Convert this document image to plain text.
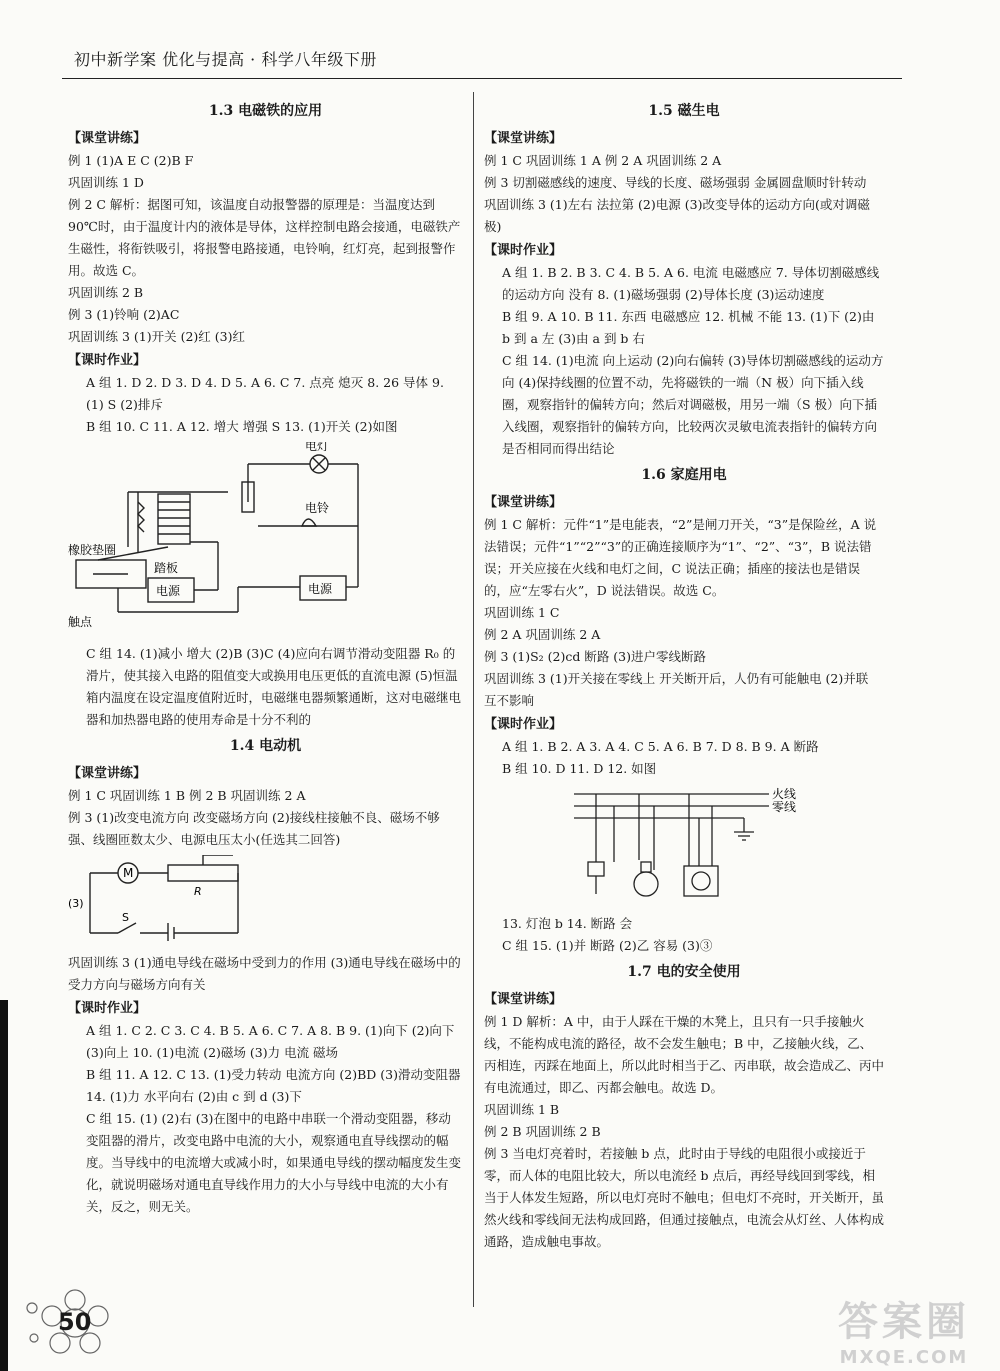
初中新学案 优化与提高 · 科学八年级下册
1.3 电磁铁的应用
【课堂讲练】

例 1 (1)A E C (2)B F

巩固训练 1 D

例 2 C 解析：据图可知，该温度自动报警器的原理是：当温度达到 90℃时，由于温度计内的液体是导体，这样控制电路会接通，电磁铁产生磁性，将衔铁吸引，将报警电路接通，电铃响，红灯亮，起到报警作用。故选 C。

巩固训练 2 B

例 3 (1)铃响 (2)AC

巩固训练 3 (1)开关 (2)红 (3)红

【课时作业】

A 组 1. D 2. D 3. D 4. D 5. A 6. C 7. 点亮 熄灭 8. 26 导体 9. (1) S (2)排斥

B 组 10. C 11. A 12. 增大 增强 S 13. (1)开关 (2)如图

电灯
电铃
橡胶垫圈
踏板
电源	电源
触点

C 组 14. (1)减小 增大 (2)B (3)C (4)应向右调节滑动变阻器 R₀ 的滑片，使其接入电路的阻值变大或换用电压更低的直流电源 (5)恒温箱内温度在设定温度值附近时，电磁继电器频繁通断，这对电磁继电器和加热器电路的使用寿命是十分不利的

1.4 电动机
【课堂讲练】

例 1 C 巩固训练 1 B 例 2 B 巩固训练 2 A

例 3 (1)改变电流方向 改变磁场方向 (2)接线柱接触不良、磁场不够强、线圈匝数太少、电源电压太小(任选其二回答)

M
R
S
(3)

巩固训练 3 (1)通电导线在磁场中受到力的作用 (3)通电导线在磁场中的受力方向与磁场方向有关

【课时作业】

A 组 1. C 2. C 3. C 4. B 5. A 6. C 7. A 8. B 9. (1)向下 (2)向下 (3)向上 10. (1)电流 (2)磁场 (3)力 电流 磁场

B 组 11. A 12. C 13. (1)受力转动 电流方向 (2)BD (3)滑动变阻器 14. (1)力 水平向右 (2)由 c 到 d (3)下

C 组 15. (1) (2)右 (3)在图中的电路中串联一个滑动变阻器，移动变阻器的滑片，改变电路中电流的大小，观察通电直导线摆动的幅度。当导线中的电流增大或减小时，如果通电导线的摆动幅度发生变化，就说明磁场对通电直导线作用力的大小与导线中电流的大小有关，反之，则无关。

1.5 磁生电
【课堂讲练】

例 1 C 巩固训练 1 A 例 2 A 巩固训练 2 A

例 3 切割磁感线的速度、导线的长度、磁场强弱 金属圆盘顺时针转动

巩固训练 3 (1)左右 法拉第 (2)电源 (3)改变导体的运动方向(或对调磁极)

【课时作业】

A 组 1. B 2. B 3. C 4. B 5. A 6. 电流 电磁感应 7. 导体切割磁感线的运动方向 没有 8. (1)磁场强弱 (2)导体长度 (3)运动速度

B 组 9. A 10. B 11. 东西 电磁感应 12. 机械 不能 13. (1)下 (2)由 b 到 a 左 (3)由 a 到 b 右

C 组 14. (1)电流 向上运动 (2)向右偏转 (3)导体切割磁感线的运动方向 (4)保持线圈的位置不动，先将磁铁的一端（N 极）向下插入线圈，观察指针的偏转方向；然后对调磁极，用另一端（S 极）向下插入线圈，观察指针的偏转方向，比较两次灵敏电流表指针的偏转方向是否相同而得出结论

1.6 家庭用电
【课堂讲练】

例 1 C 解析：元件“1”是电能表，“2”是闸刀开关，“3”是保险丝，A 说法错误；元件“1”“2”“3”的正确连接顺序为“1”、“2”、“3”，B 说法错误；开关应接在火线和电灯之间，C 说法正确；插座的接法也是错误的，应“左零右火”，D 说法错误。故选 C。

巩固训练 1 C

例 2 A 巩固训练 2 A

例 3 (1)S₂ (2)cd 断路 (3)进户零线断路

巩固训练 3 (1)开关接在零线上 开关断开后，人仍有可能触电 (2)并联 互不影响

【课时作业】

A 组 1. B 2. A 3. A 4. C 5. A 6. B 7. D 8. B 9. A 断路

B 组 10. D 11. D 12. 如图

火线
零线

13. 灯泡 b 14. 断路 会

C 组 15. (1)并 断路 (2)乙 容易 (3)③

1.7 电的安全使用
【课堂讲练】

例 1 D 解析：A 中，由于人踩在干燥的木凳上，且只有一只手接触火线，不能构成电流的路径，故不会发生触电；B 中，乙接触火线，乙、丙相连，丙踩在地面上，所以此时相当于乙、丙串联，故会造成乙、丙中有电流通过，即乙、丙都会触电。故选 D。

巩固训练 1 B

例 2 B 巩固训练 2 B

例 3 当电灯亮着时，若接触 b 点，此时由于导线的电阻很小或接近于零，而人体的电阻比较大，所以电流经 b 点后，再经导线回到零线，相当于人体发生短路，所以电灯亮时不触电；但电灯不亮时，开关断开，虽然火线和零线间无法构成回路，但通过接触点，电流会从灯丝、人体构成通路，造成触电事故。

50	答案圈
MXQE.COM
